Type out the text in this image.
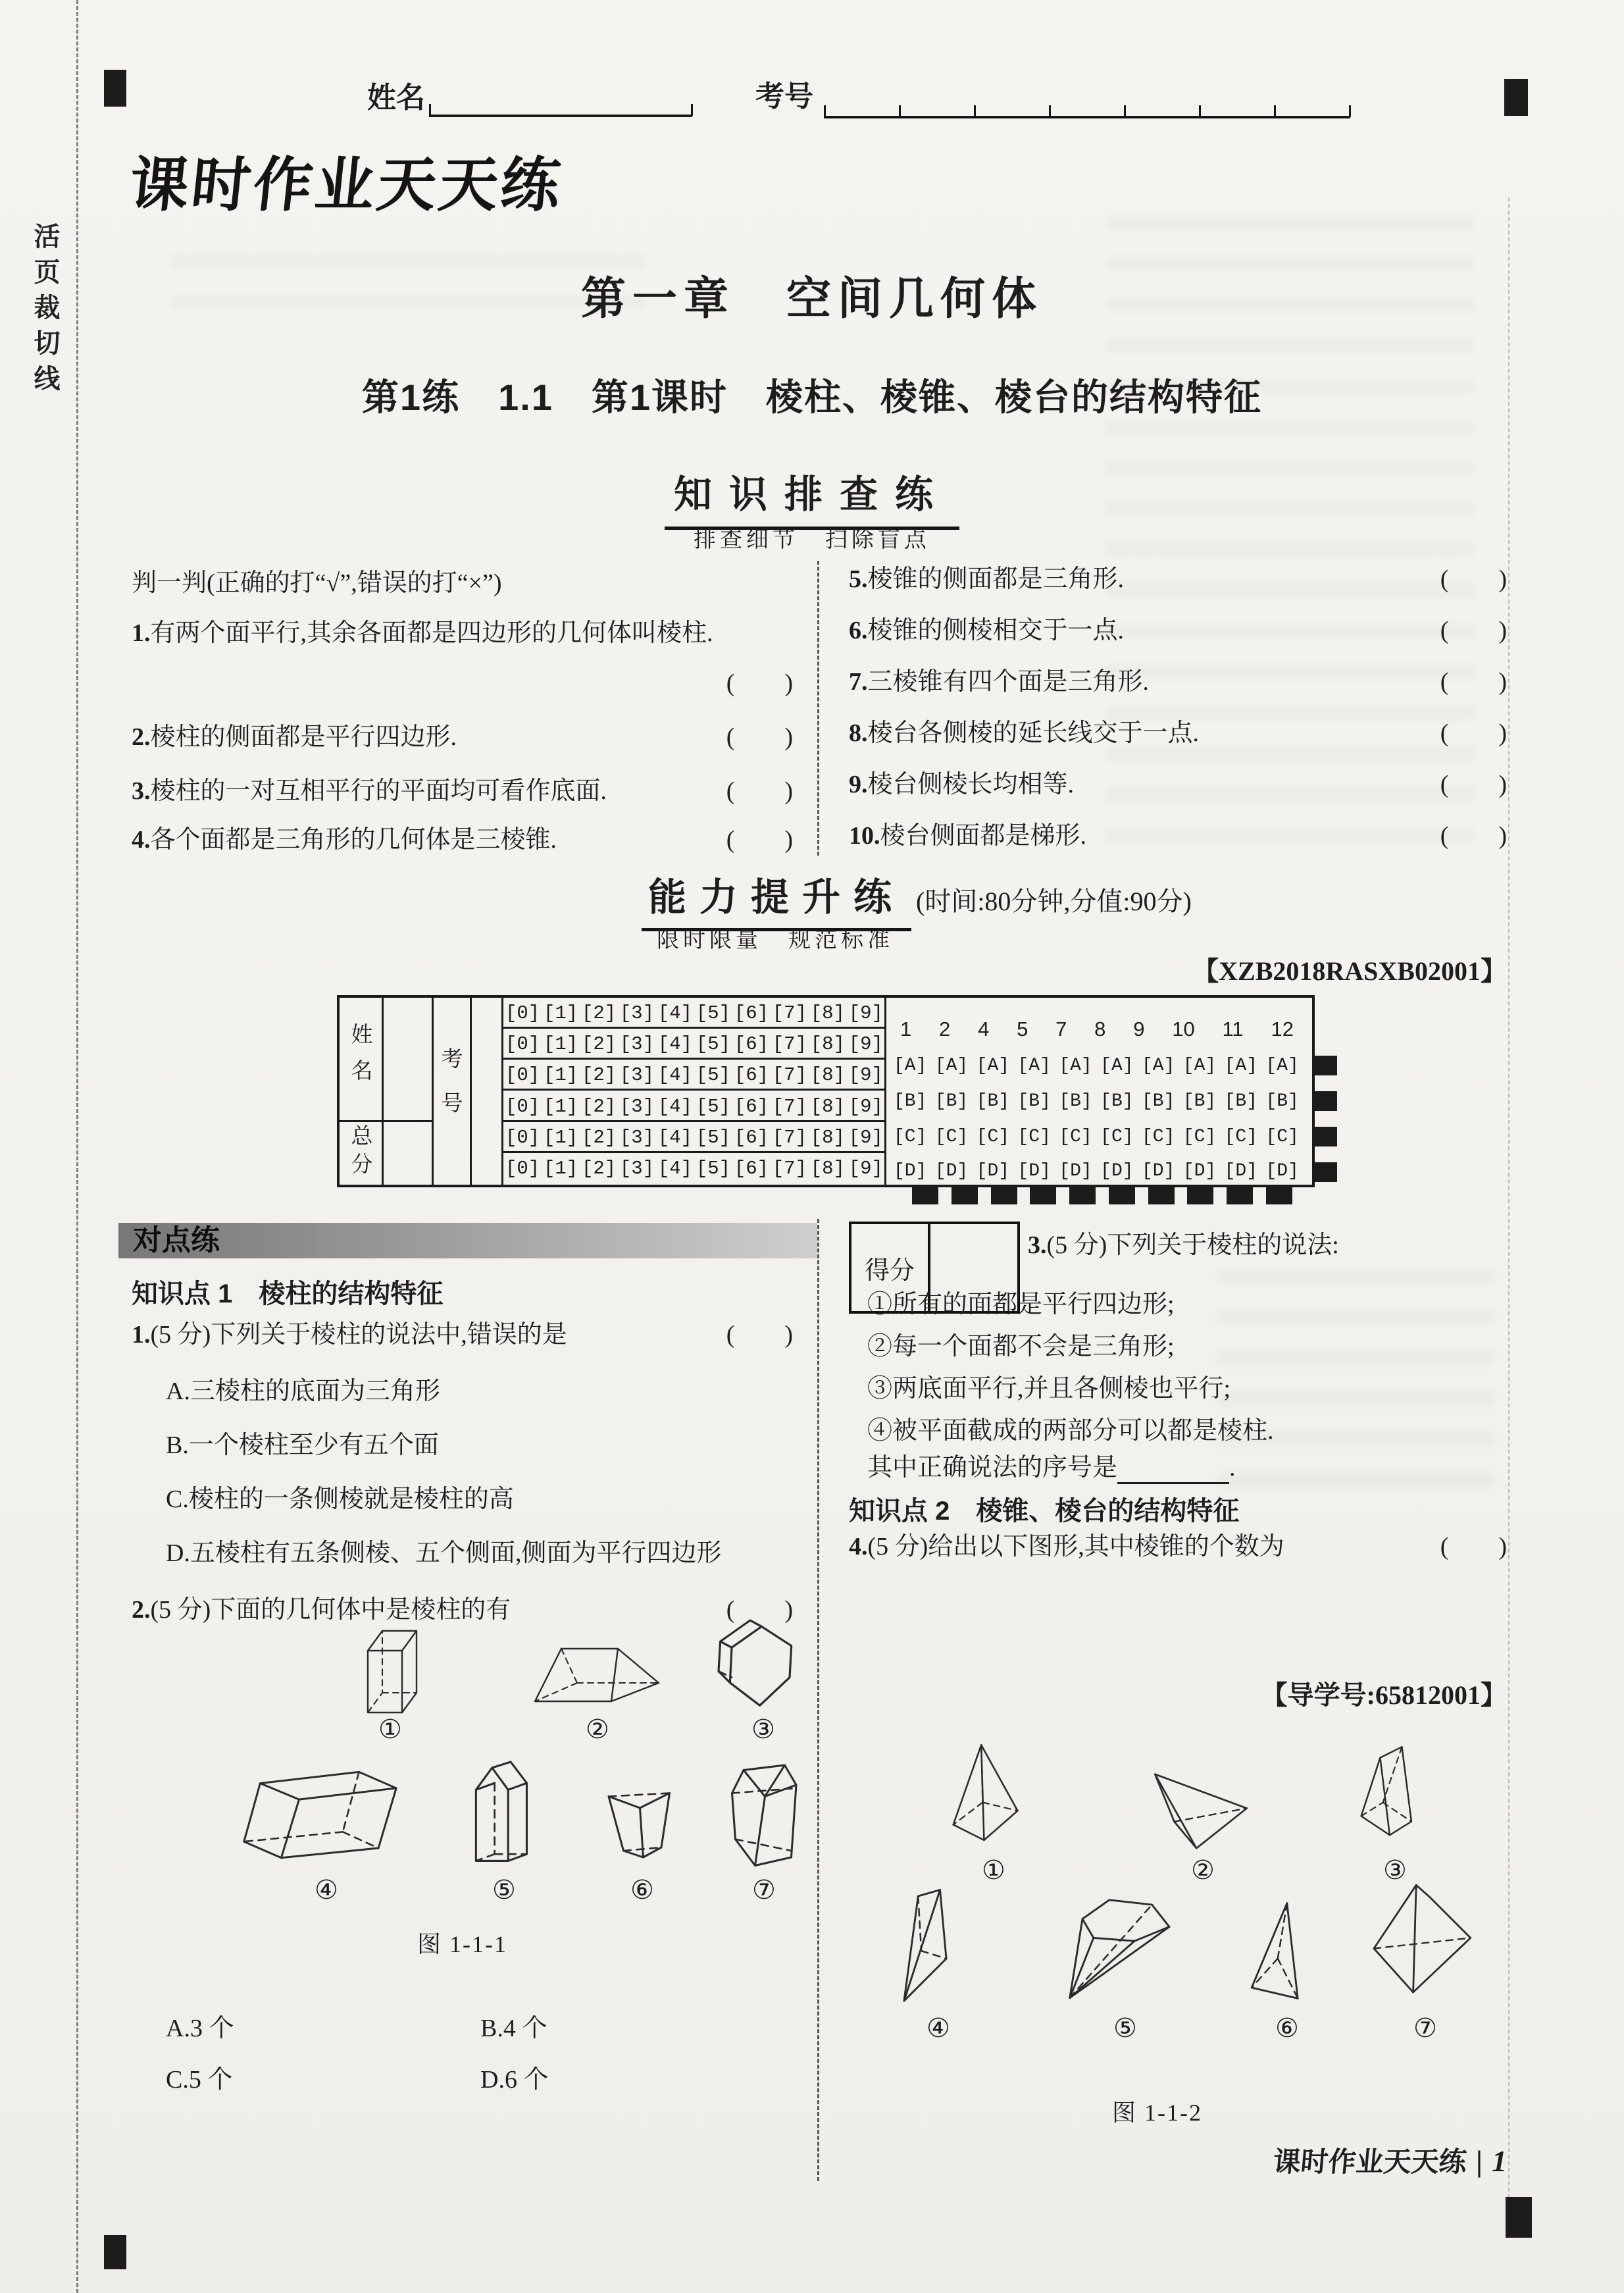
活页裁切线
姓名	考号
课时作业天天练
第一章　空间几何体
第1练　1.1　第1课时　棱柱、棱锥、棱台的结构特征
知识排查练
排查细节　扫除盲点
判一判(正确的打“√”,错误的打“×”)
1.有两个面平行,其余各面都是四边形的几何体叫棱柱.
(　　)
2.棱柱的侧面都是平行四边形.	(　　)
3.棱柱的一对互相平行的平面均可看作底面.	(　　)
4.各个面都是三角形的几何体是三棱锥.	(　　)
5.棱锥的侧面都是三角形.	(　　)
6.棱锥的侧棱相交于一点.	(　　)
7.三棱锥有四个面是三角形.	(　　)
8.棱台各侧棱的延长线交于一点.	(　　)
9.棱台侧棱长均相等.	(　　)
10.棱台侧面都是梯形.	(　　)
能力提升练 (时间:80分钟,分值:90分)
限时限量　规范标准
【XZB2018RASXB02001】
姓名
总分
考号
[0] [1] [2] [3] [4] [5] [6] [7] [8] [9]
[0] [1] [2] [3] [4] [5] [6] [7] [8] [9]
[0] [1] [2] [3] [4] [5] [6] [7] [8] [9]
[0] [1] [2] [3] [4] [5] [6] [7] [8] [9]
[0] [1] [2] [3] [4] [5] [6] [7] [8] [9]
[0] [1] [2] [3] [4] [5] [6] [7] [8] [9]
1 2 4 5 7 8 9 10 11 12
[A] [A] [A] [A] [A] [A] [A] [A] [A] [A]
[B] [B] [B] [B] [B] [B] [B] [B] [B] [B]
[C] [C] [C] [C] [C] [C] [C] [C] [C] [C]
[D] [D] [D] [D] [D] [D] [D] [D] [D] [D]
对点练
知识点 1　 棱柱的结构特征
1.(5 分)下列关于棱柱的说法中,错误的是	(　　)
A.三棱柱的底面为三角形
B.一个棱柱至少有五个面
C.棱柱的一条侧棱就是棱柱的高
D.五棱柱有五条侧棱、五个侧面,侧面为平行四边形
2.(5 分)下面的几何体中是棱柱的有	(　　)
①	②	③
④	⑤	⑥	⑦
图 1-1-1
A.3 个	B.4 个
C.5 个	D.6 个
得分
3.(5 分)下列关于棱柱的说法:
①所有的面都是平行四边形;
②每一个面都不会是三角形;
③两底面平行,并且各侧棱也平行;
④被平面截成的两部分可以都是棱柱.
其中正确说法的序号是	.
知识点 2　 棱锥、棱台的结构特征
4.(5 分)给出以下图形,其中棱锥的个数为	(　　)
【导学号:65812001】
①	②	③
④	⑤	⑥	⑦
图 1-1-2
课时作业天天练 | 1
